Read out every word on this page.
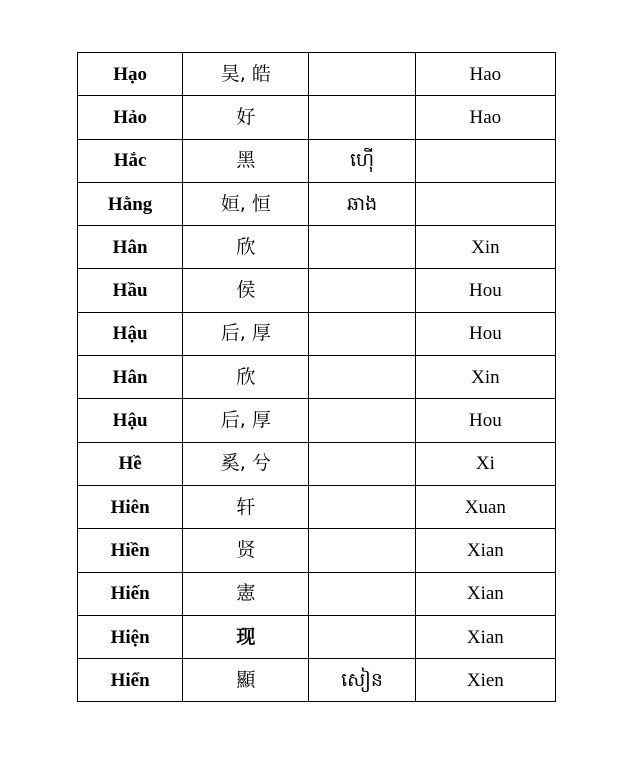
Hạo	昊, 皓		Hao
Hảo	好		Hao
Hắc	黑	ហ៊ើ	
Hằng	姮, 恒	ឆាង	
Hân	欣		Xin
Hầu	侯		Hou
Hậu	后, 厚		Hou
Hân	欣		Xin
Hậu	后, 厚		Hou
Hề	奚, 兮		Xi
Hiên	轩		Xuan
Hiền	贤		Xian
Hiến	憲		Xian
Hiện	现		Xian
Hiển	顯	សៀន	Xien
